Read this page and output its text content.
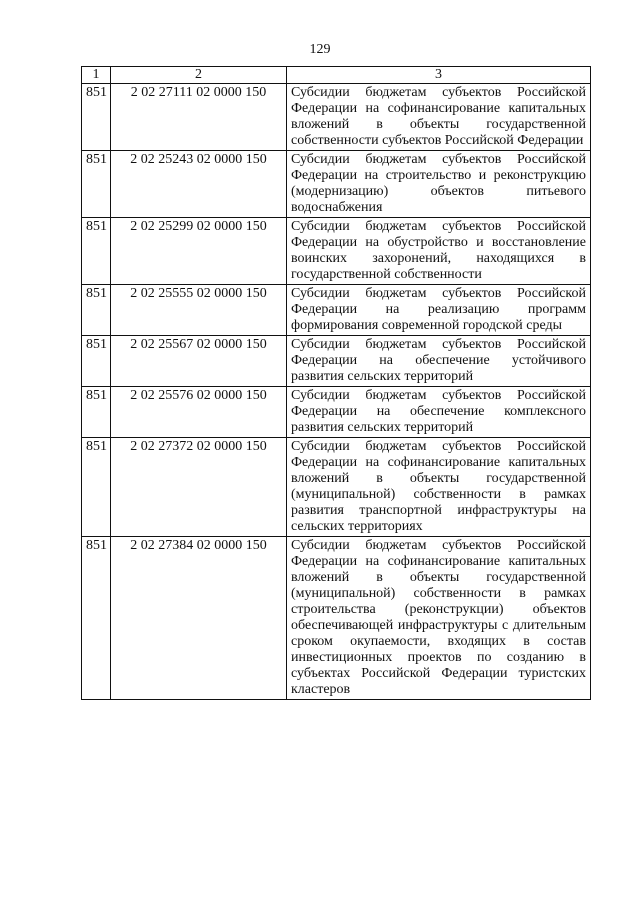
129
1	2	3
851	2 02 27111 02 0000 150	Субсидии бюджетам субъектов Российской Федерации на софинансирование капитальных вложений в объекты государственной собственности субъектов Российской Федерации
851	2 02 25243 02 0000 150	Субсидии бюджетам субъектов Российской Федерации на строительство и реконструкцию (модернизацию) объектов питьевого водоснабжения
851	2 02 25299 02 0000 150	Субсидии бюджетам субъектов Российской Федерации на обустройство и восстановление воинских захоронений, находящихся в государственной собственности
851	2 02 25555 02 0000 150	Субсидии бюджетам субъектов Российской Федерации на реализацию программ формирования современной городской среды
851	2 02 25567 02 0000 150	Субсидии бюджетам субъектов Российской Федерации на обеспечение устойчивого развития сельских территорий
851	2 02 25576 02 0000 150	Субсидии бюджетам субъектов Российской Федерации на обеспечение комплексного развития сельских территорий
851	2 02 27372 02 0000 150	Субсидии бюджетам субъектов Российской Федерации на софинансирование капитальных вложений в объекты государственной (муниципальной) собственности в рамках развития транспортной инфраструктуры на сельских территориях
851	2 02 27384 02 0000 150	Субсидии бюджетам субъектов Российской Федерации на софинансирование капитальных вложений в объекты государственной (муниципальной) собственности в рамках строительства (реконструкции) объектов обеспечивающей инфраструктуры с длительным сроком окупаемости, входящих в состав инвестиционных проектов по созданию в субъектах Российской Федерации туристских кластеров
